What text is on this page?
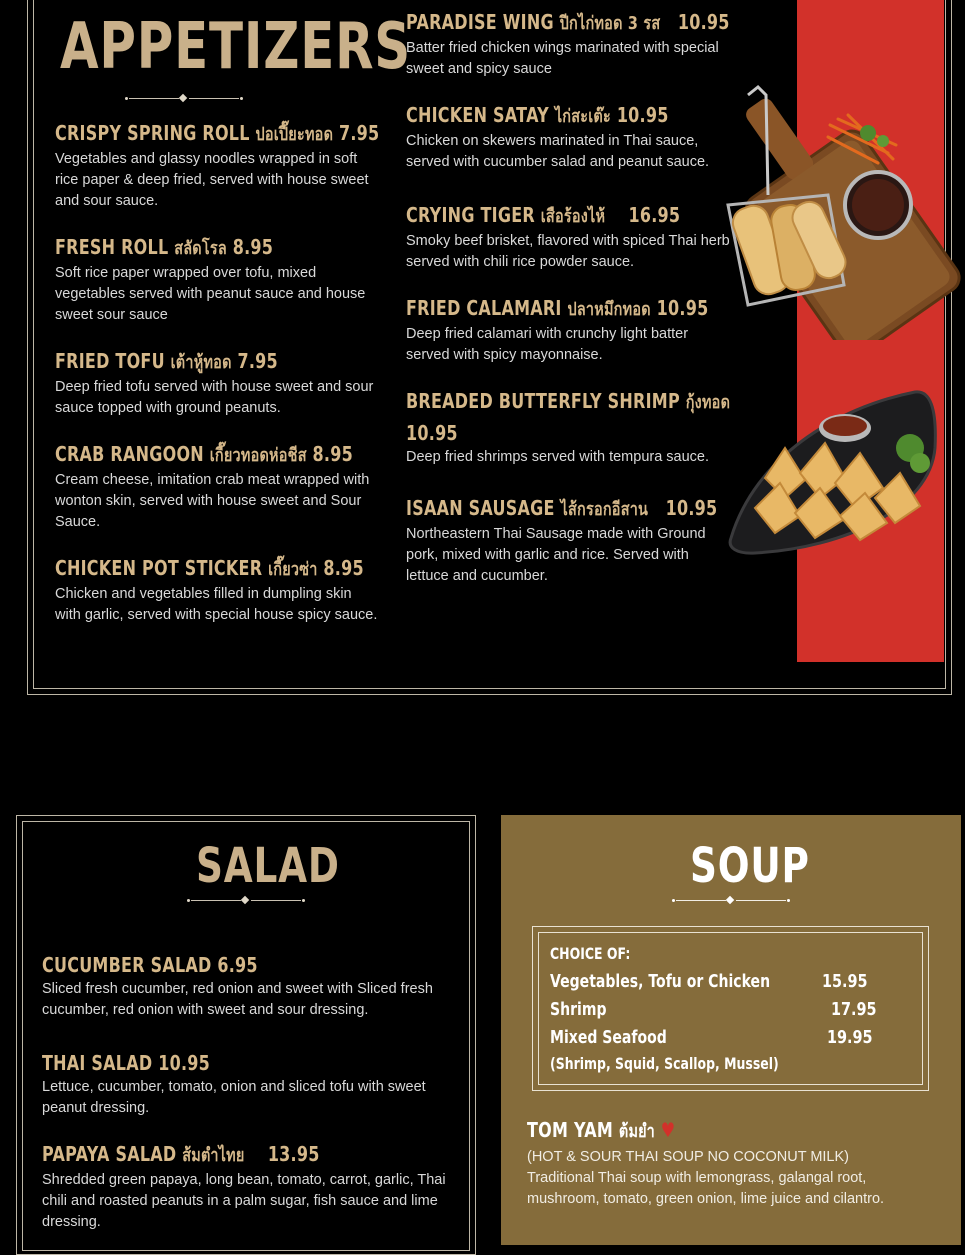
APPETIZERS
CRISPY SPRING ROLL ปอเปี๊ยะทอด 7.95
Vegetables and glassy noodles wrapped in soft rice paper & deep fried, served with house sweet and sour sauce.
FRESH ROLL สลัดโรล 8.95
Soft rice paper wrapped over tofu, mixed vegetables served with peanut sauce and house sweet sour sauce
FRIED TOFU เต้าหู้ทอด 7.95
Deep fried tofu served with house sweet and sour sauce topped with ground peanuts.
CRAB RANGOON เกี๊ยวทอดห่อชีส 8.95
Cream cheese, imitation crab meat wrapped with wonton skin, served with house sweet and Sour Sauce.
CHICKEN POT STICKER เกี๊ยวซ่า 8.95
Chicken and vegetables filled in dumpling skin with garlic, served with special house spicy sauce.
PARADISE WING ปีกไก่ทอด 3 รส 10.95
Batter fried chicken wings marinated with special sweet and spicy sauce
CHICKEN SATAY ไก่สะเต๊ะ 10.95
Chicken on skewers marinated in Thai sauce, served with cucumber salad and peanut sauce.
CRYING TIGER เสือร้องไห้ 16.95
Smoky beef brisket, flavored with spiced Thai herb served with chili rice powder sauce.
FRIED CALAMARI ปลาหมึกทอด 10.95
Deep fried calamari with crunchy light batter served with spicy mayonnaise.
BREADED BUTTERFLY SHRIMP กุ้งทอด
10.95
Deep fried shrimps served with tempura sauce.
ISAAN SAUSAGE ไส้กรอกอีสาน 10.95
Northeastern Thai Sausage made with Ground pork, mixed with garlic and rice. Served with lettuce and cucumber.
SALAD
CUCUMBER SALAD 6.95
Sliced fresh cucumber, red onion and sweet with Sliced fresh cucumber, red onion with sweet and sour dressing.
THAI SALAD 10.95
Lettuce, cucumber, tomato, onion and sliced tofu with sweet peanut dressing.
PAPAYA SALAD ส้มตำไทย 13.95
Shredded green papaya, long bean, tomato, carrot, garlic, Thai chili and roasted peanuts in a palm sugar, fish sauce and lime dressing.
SOUP
CHOICE OF:
Vegetables, Tofu or Chicken	15.95
Shrimp	17.95
Mixed Seafood	19.95
(Shrimp, Squid, Scallop, Mussel)
TOM YAM ต้มยำ ♥
(HOT & SOUR THAI SOUP NO COCONUT MILK)
Traditional Thai soup with lemongrass, galangal root, mushroom, tomato, green onion, lime juice and cilantro.
